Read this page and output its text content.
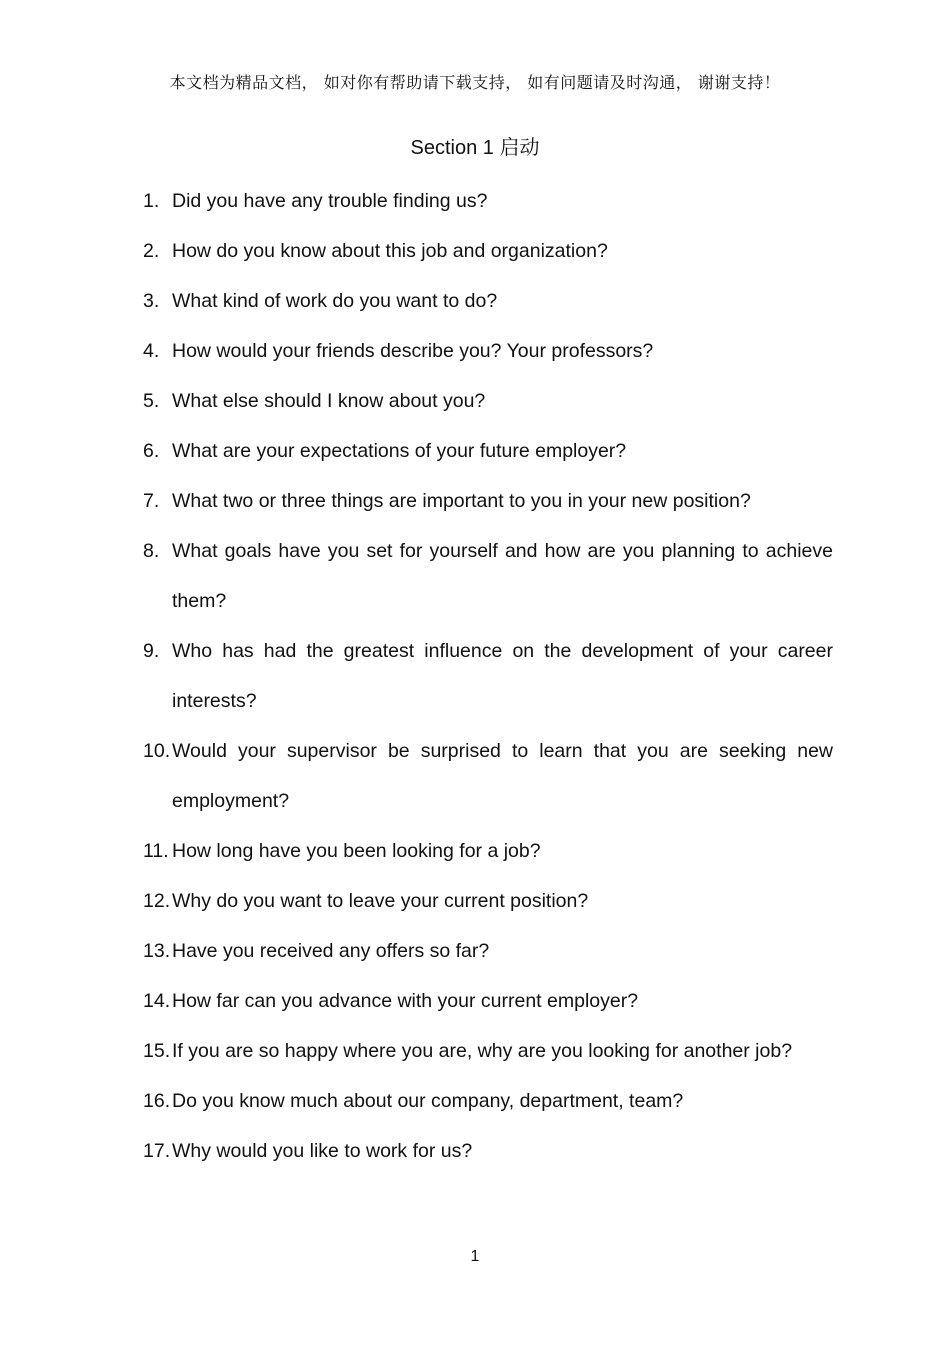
本文档为精品文档， 如对你有帮助请下载支持， 如有问题请及时沟通， 谢谢支持！
Section 1 启动
1. Did you have any trouble finding us?
2. How do you know about this job and organization?
3. What kind of work do you want to do?
4. How would your friends describe you? Your professors?
5. What else should I know about you?
6. What are your expectations of your future employer?
7. What two or three things are important to you in your new position?
8. What goals have you set for yourself and how are you planning to achieve them?
9. Who has had the greatest influence on the development of your career interests?
10. Would your supervisor be surprised to learn that you are seeking new employment?
11. How long have you been looking for a job?
12. Why do you want to leave your current position?
13. Have you received any offers so far?
14. How far can you advance with your current employer?
15. If you are so happy where you are, why are you looking for another job?
16. Do you know much about our company, department, team?
17. Why would you like to work for us?
1
